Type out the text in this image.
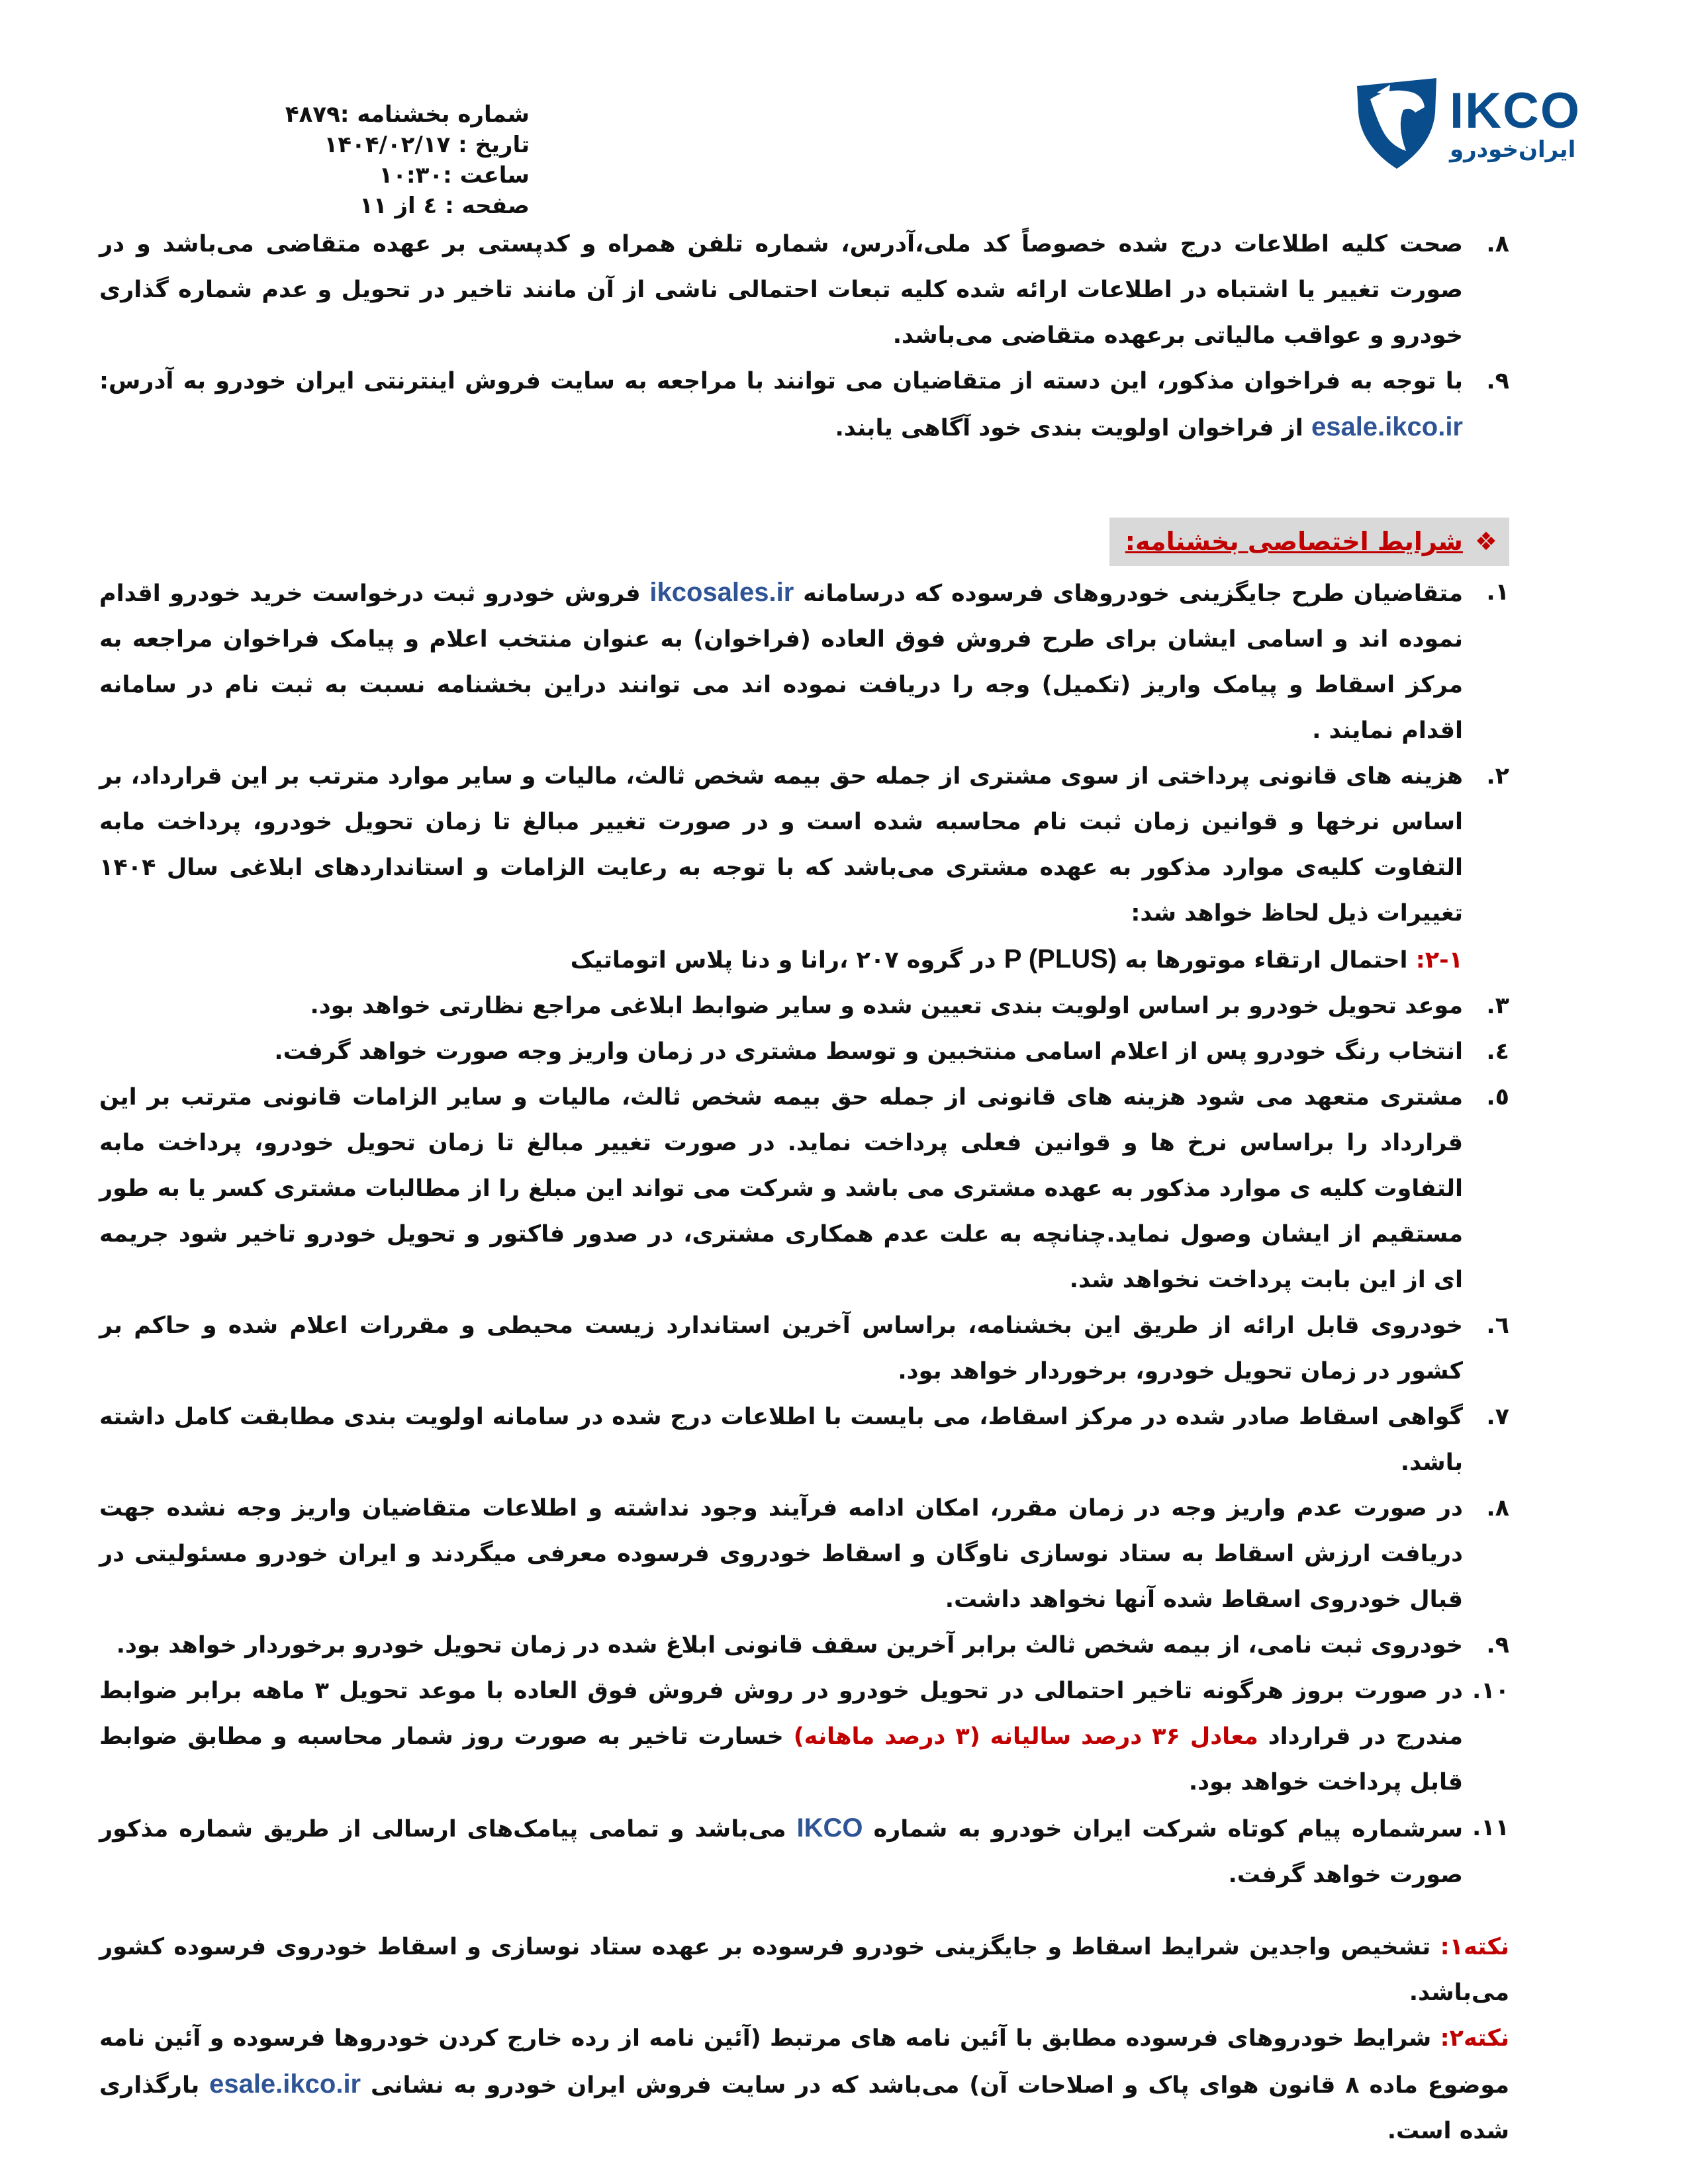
شماره بخشنامه :۴۸۷۹
تاریخ : ۱۴۰۴/۰۲/۱۷
ساعت :۱۰:۳۰
صفحه : ٤ از ۱۱
IKCO
ایران‌خودرو
۸.
صحت کلیه اطلاعات درج شده خصوصاً کد ملی،آدرس، شماره تلفن همراه و کدپستی بر عهده متقاضی می‌باشد و در صورت تغییر یا اشتباه در اطلاعات ارائه شده کلیه تبعات احتمالی ناشی از آن مانند تاخیر در تحویل و عدم شماره گذاری خودرو و عواقب مالیاتی برعهده متقاضی می‌باشد.
۹.
با توجه به فراخوان مذکور، این دسته از متقاضیان می توانند با مراجعه به سایت فروش اینترنتی ایران خودرو به آدرس: esale.ikco.ir از فراخوان اولویت بندی خود آگاهی یابند.
❖شرایط اختصاصی بخشنامه:
۱.
متقاضیان طرح جایگزینی خودروهای فرسوده که درسامانه ikcosales.ir فروش خودرو ثبت درخواست خرید خودرو اقدام نموده اند و اسامی ایشان برای طرح فروش فوق العاده (فراخوان) به عنوان منتخب اعلام و پیامک فراخوان مراجعه به مرکز اسقاط و پیامک واریز (تکمیل) وجه را دریافت نموده اند می توانند دراین بخشنامه نسبت به ثبت نام در سامانه اقدام نمایند .
۲.
هزینه های قانونی پرداختی از سوی مشتری از جمله حق بیمه شخص ثالث، مالیات و سایر موارد مترتب بر این قرارداد، بر اساس نرخها و قوانین زمان ثبت نام محاسبه شده است و در صورت تغییر مبالغ تا زمان تحویل خودرو، پرداخت مابه التفاوت کلیه‌ی موارد مذکور به عهده مشتری می‌باشد که با توجه به رعایت الزامات و استانداردهای ابلاغی سال ۱۴۰۴ تغییرات ذیل لحاظ خواهد شد:
۲-۱: احتمال ارتقاء موتورها به P (PLUS) در گروه ۲۰۷ ،رانا و دنا پلاس اتوماتیک
۳.
موعد تحویل خودرو بر اساس اولویت بندی تعیین شده و سایر ضوابط ابلاغی مراجع نظارتی خواهد بود.
٤.
انتخاب رنگ خودرو پس از اعلام اسامی منتخبین و توسط مشتری در زمان واریز وجه صورت خواهد گرفت.
٥.
مشتری متعهد می شود هزینه های قانونی از جمله حق بیمه شخص ثالث، مالیات و سایر الزامات قانونی مترتب بر این قرارداد را براساس نرخ ها و قوانین فعلی پرداخت نماید. در صورت تغییر مبالغ تا زمان تحویل خودرو، پرداخت مابه التفاوت کلیه ی موارد مذکور به عهده مشتری می باشد و شرکت می تواند این مبلغ را از مطالبات مشتری کسر یا به طور مستقیم از ایشان وصول نماید.چنانچه به علت عدم همکاری مشتری، در صدور فاکتور و تحویل خودرو تاخیر شود جریمه ای از این بابت پرداخت نخواهد شد.
٦.
خودروی قابل ارائه از طریق این بخشنامه، براساس آخرین استاندارد زیست محیطی و مقررات اعلام شده و حاکم بر کشور در زمان تحویل خودرو، برخوردار خواهد بود.
۷.
گواهی اسقاط صادر شده در مرکز اسقاط، می بایست با اطلاعات درج شده در سامانه اولویت بندی مطابقت کامل داشته باشد.
۸.
در صورت عدم واریز وجه در زمان مقرر، امکان ادامه فرآیند وجود نداشته و اطلاعات متقاضیان واریز وجه نشده جهت دریافت ارزش اسقاط به ستاد نوسازی ناوگان و اسقاط خودروی فرسوده معرفی میگردند و ایران خودرو مسئولیتی در قبال خودروی اسقاط شده آنها نخواهد داشت.
۹.
خودروی ثبت نامی، از بیمه شخص ثالث برابر آخرین سقف قانونی ابلاغ شده در زمان تحویل خودرو برخوردار خواهد بود.
۱۰.
در صورت بروز هرگونه تاخیر احتمالی در تحویل خودرو در روش فروش فوق العاده با موعد تحویل ۳ ماهه برابر ضوابط مندرج در قرارداد معادل ۳۶ درصد سالیانه (۳ درصد ماهانه) خسارت تاخیر به صورت روز شمار محاسبه و مطابق ضوابط قابل پرداخت خواهد بود.
۱۱.
سرشماره پیام کوتاه شرکت ایران خودرو به شماره IKCO می‌باشد و تمامی پیامک‌های ارسالی از طریق شماره مذکور صورت خواهد گرفت.
نکته۱: تشخیص واجدین شرایط اسقاط و جایگزینی خودرو فرسوده بر عهده ستاد نوسازی و اسقاط خودروی فرسوده کشور می‌باشد.
نکته۲: شرایط خودروهای فرسوده مطابق با آئین نامه های مرتبط (آئین نامه از رده خارج کردن خودروها فرسوده و آئین نامه موضوع ماده ۸ قانون هوای پاک و اصلاحات آن) می‌باشد که در سایت فروش ایران خودرو به نشانی esale.ikco.ir بارگذاری شده است.
